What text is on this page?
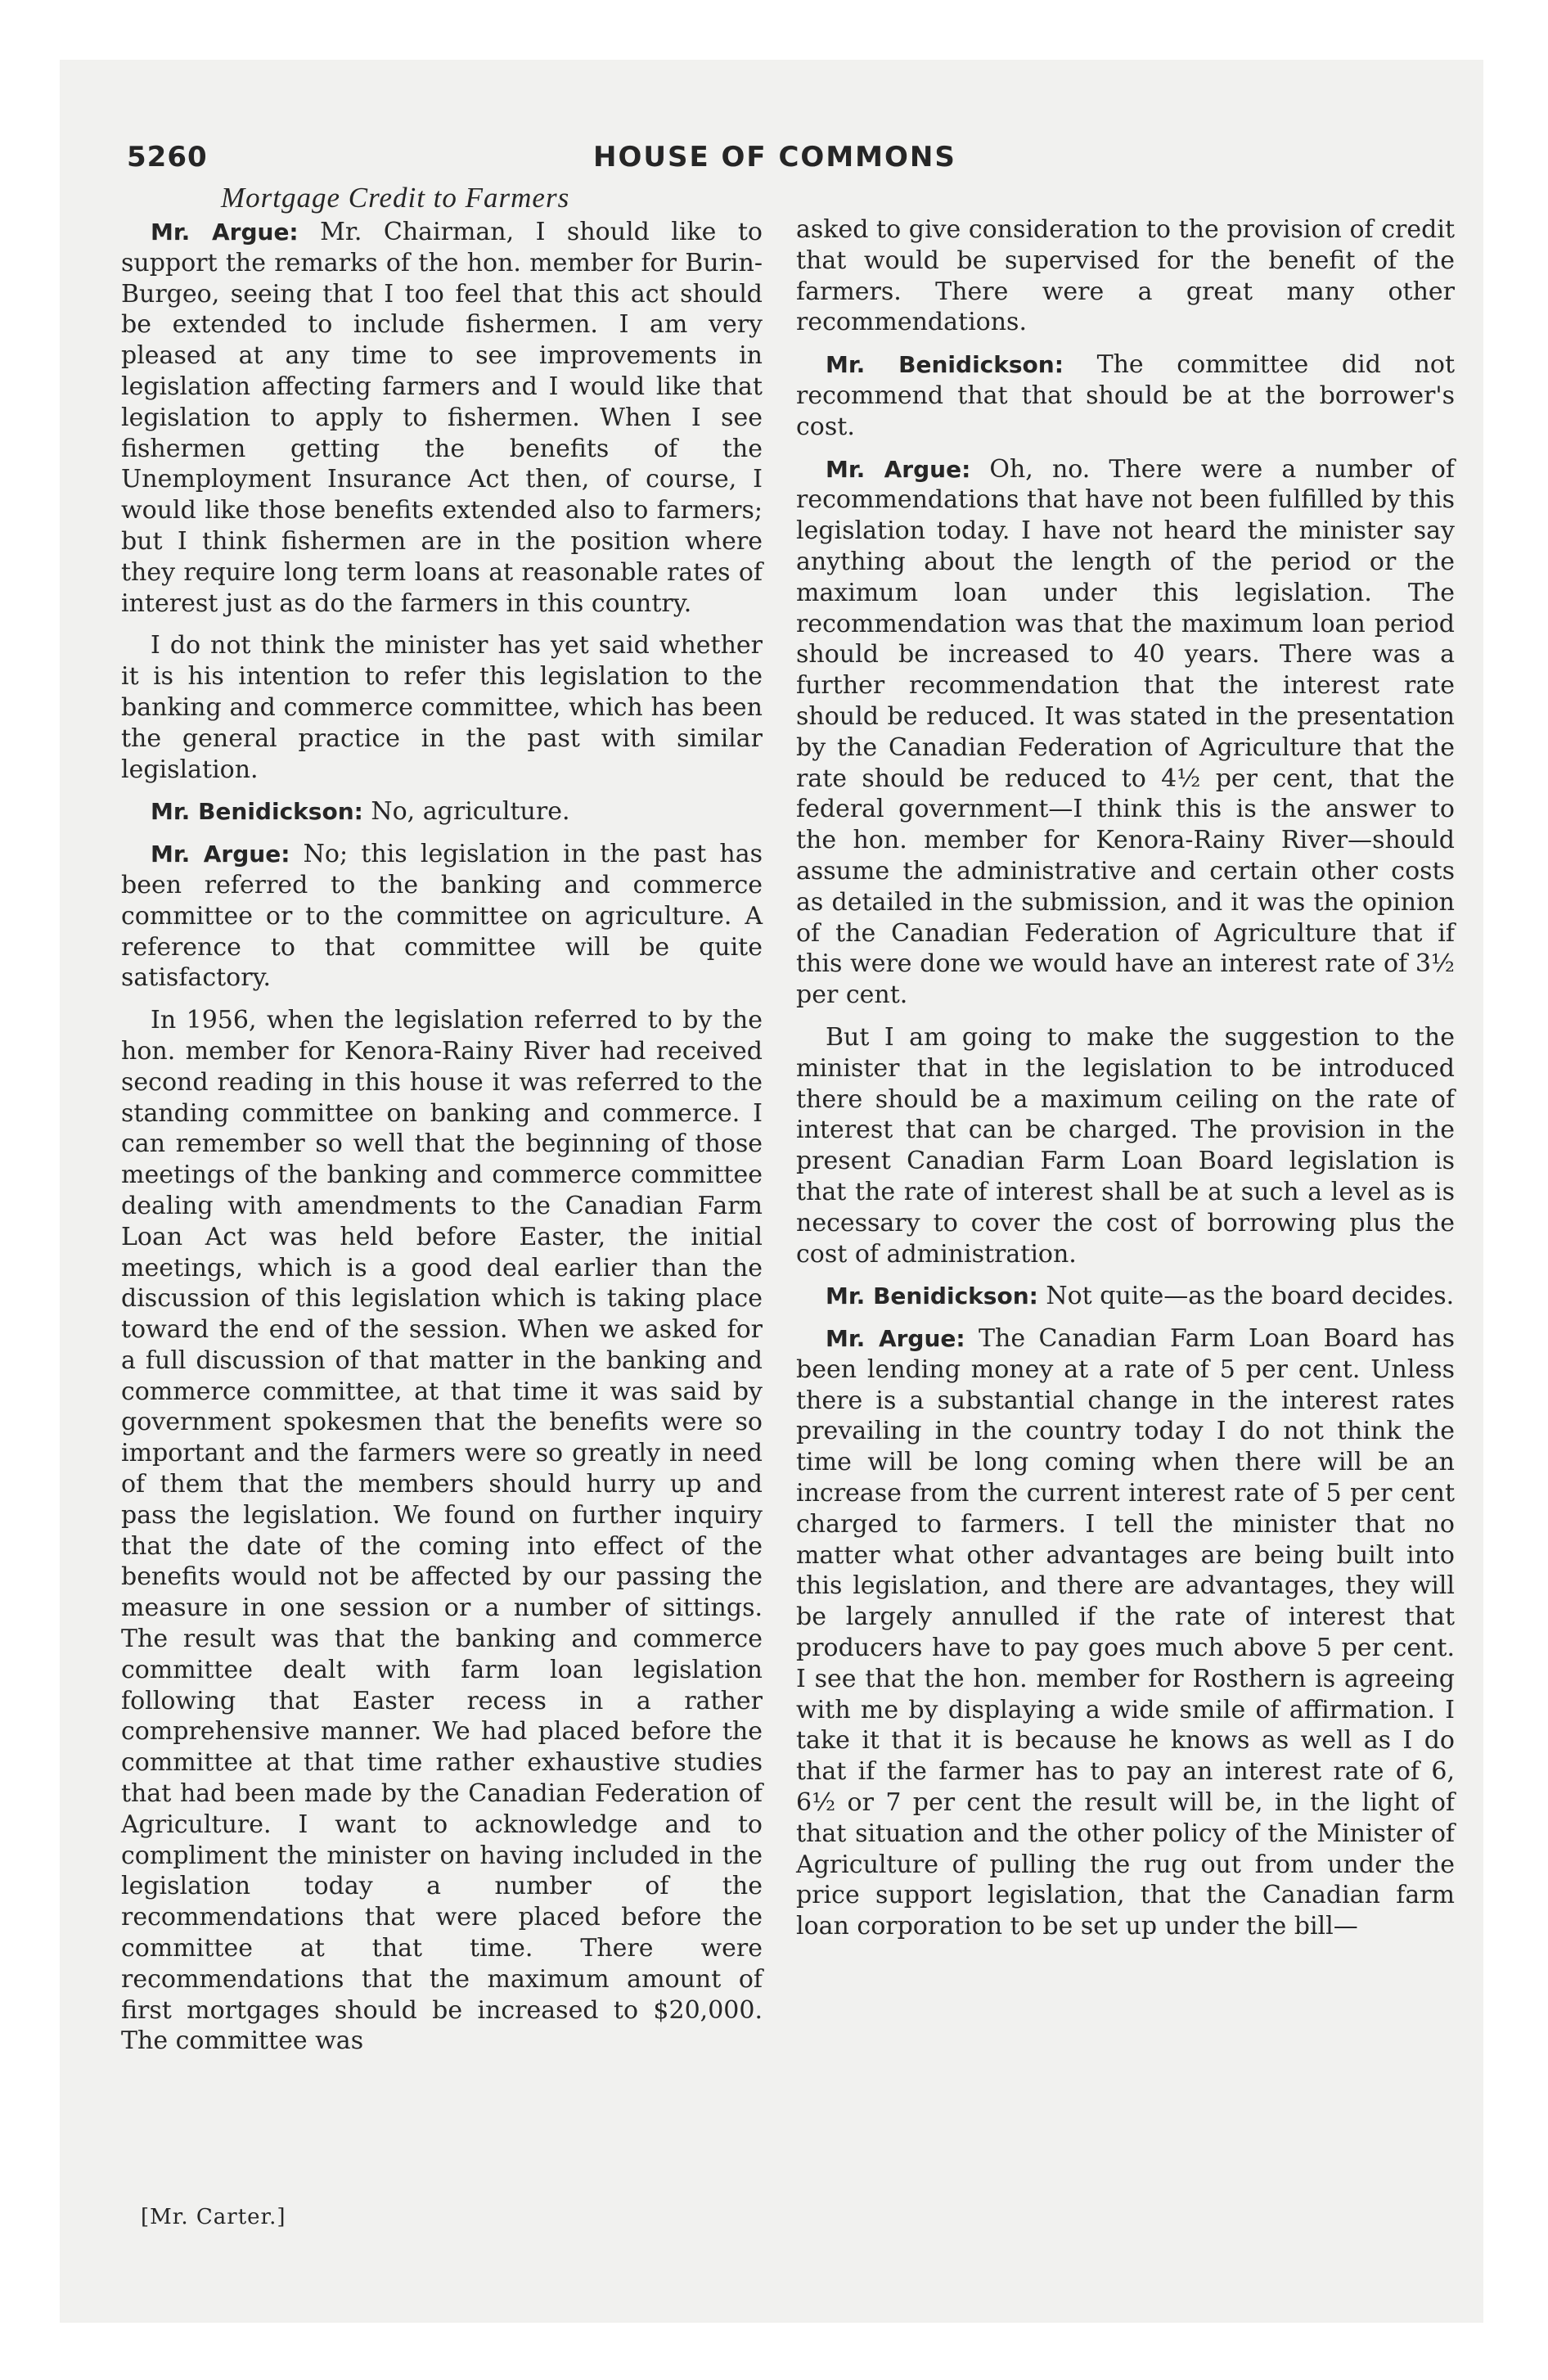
5260	HOUSE OF COMMONS
Mortgage Credit to Farmers

Mr. Argue: Mr. Chairman, I should like to support the remarks of the hon. member for Burin-Burgeo, seeing that I too feel that this act should be extended to include fishermen. I am very pleased at any time to see improvements in legislation affecting farmers and I would like that legislation to apply to fishermen. When I see fishermen getting the benefits of the Unemployment Insurance Act then, of course, I would like those benefits extended also to farmers; but I think fishermen are in the position where they require long term loans at reasonable rates of interest just as do the farmers in this country.

I do not think the minister has yet said whether it is his intention to refer this legislation to the banking and commerce committee, which has been the general practice in the past with similar legislation.

Mr. Benidickson: No, agriculture.

Mr. Argue: No; this legislation in the past has been referred to the banking and commerce committee or to the committee on agriculture. A reference to that committee will be quite satisfactory.

In 1956, when the legislation referred to by the hon. member for Kenora-Rainy River had received second reading in this house it was referred to the standing committee on banking and commerce. I can remember so well that the beginning of those meetings of the banking and commerce committee dealing with amendments to the Canadian Farm Loan Act was held before Easter, the initial meetings, which is a good deal earlier than the discussion of this legislation which is taking place toward the end of the session. When we asked for a full discussion of that matter in the banking and commerce committee, at that time it was said by government spokesmen that the benefits were so important and the farmers were so greatly in need of them that the members should hurry up and pass the legislation. We found on further inquiry that the date of the coming into effect of the benefits would not be affected by our passing the measure in one session or a number of sittings. The result was that the banking and commerce committee dealt with farm loan legislation following that Easter recess in a rather comprehensive manner. We had placed before the committee at that time rather exhaustive studies that had been made by the Canadian Federation of Agriculture. I want to acknowledge and to compliment the minister on having included in the legislation today a number of the recommendations that were placed before the committee at that time. There were recommendations that the maximum amount of first mortgages should be increased to $20,000. The committee was

asked to give consideration to the provision of credit that would be supervised for the benefit of the farmers. There were a great many other recommendations.

Mr. Benidickson: The committee did not recommend that that should be at the borrower's cost.

Mr. Argue: Oh, no. There were a number of recommendations that have not been fulfilled by this legislation today. I have not heard the minister say anything about the length of the period or the maximum loan under this legislation. The recommendation was that the maximum loan period should be increased to 40 years. There was a further recommendation that the interest rate should be reduced. It was stated in the presentation by the Canadian Federation of Agriculture that the rate should be reduced to 4½ per cent, that the federal government—I think this is the answer to the hon. member for Kenora-Rainy River—should assume the administrative and certain other costs as detailed in the submission, and it was the opinion of the Canadian Federation of Agriculture that if this were done we would have an interest rate of 3½ per cent.

But I am going to make the suggestion to the minister that in the legislation to be introduced there should be a maximum ceiling on the rate of interest that can be charged. The provision in the present Canadian Farm Loan Board legislation is that the rate of interest shall be at such a level as is necessary to cover the cost of borrowing plus the cost of administration.

Mr. Benidickson: Not quite—as the board decides.

Mr. Argue: The Canadian Farm Loan Board has been lending money at a rate of 5 per cent. Unless there is a substantial change in the interest rates prevailing in the country today I do not think the time will be long coming when there will be an increase from the current interest rate of 5 per cent charged to farmers. I tell the minister that no matter what other advantages are being built into this legislation, and there are advantages, they will be largely annulled if the rate of interest that producers have to pay goes much above 5 per cent. I see that the hon. member for Rosthern is agreeing with me by displaying a wide smile of affirmation. I take it that it is because he knows as well as I do that if the farmer has to pay an interest rate of 6, 6½ or 7 per cent the result will be, in the light of that situation and the other policy of the Minister of Agriculture of pulling the rug out from under the price support legislation, that the Canadian farm loan corporation to be set up under the bill—

[Mr. Carter.]
